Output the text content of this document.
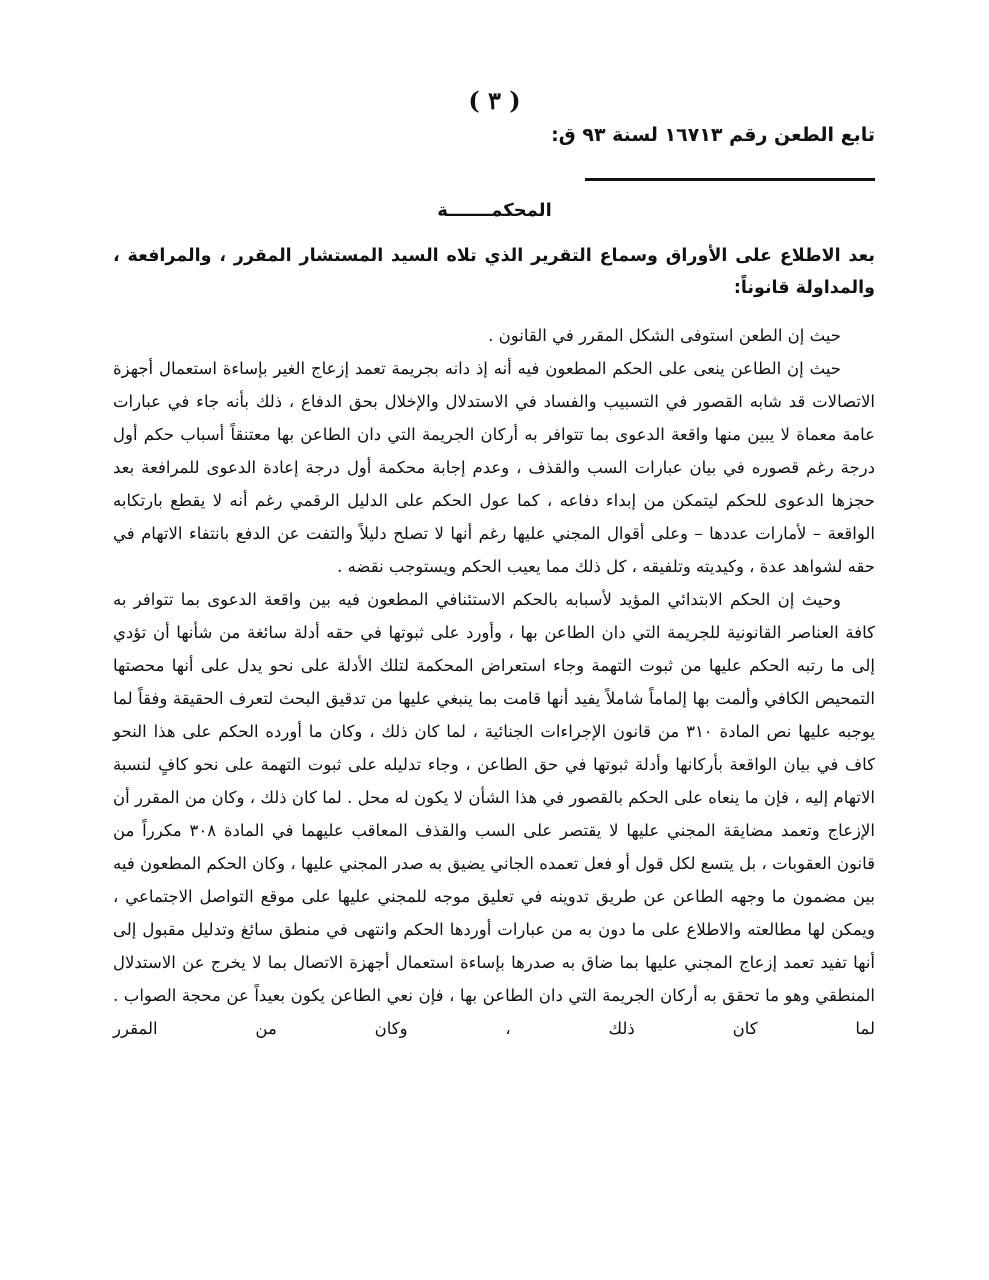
( ٣ )
تابع الطعن رقم ١٦٧١٣ لسنة ٩٣ ق:
المحكمـــــــة
بعد الاطلاع على الأوراق وسماع التقرير الذي تلاه السيد المستشار المقرر ، والمرافعة ، والمداولة قانوناً:

حيث إن الطعن استوفى الشكل المقرر في القانون .

حيث إن الطاعن ينعى على الحكم المطعون فيه أنه إذ دانه بجريمة تعمد إزعاج الغير بإساءة استعمال أجهزة الاتصالات قد شابه القصور في التسبيب والفساد في الاستدلال والإخلال بحق الدفاع ، ذلك بأنه جاء في عبارات عامة معماة لا يبين منها واقعة الدعوى بما تتوافر به أركان الجريمة التي دان الطاعن بها معتنقاً أسباب حكم أول درجة رغم قصوره في بيان عبارات السب والقذف ، وعدم إجابة محكمة أول درجة إعادة الدعوى للمرافعة بعد حجزها الدعوى للحكم ليتمكن من إبداء دفاعه ، كما عول الحكم على الدليل الرقمي رغم أنه لا يقطع بارتكابه الواقعة – لأمارات عددها – وعلى أقوال المجني عليها رغم أنها لا تصلح دليلاً والتفت عن الدفع بانتفاء الاتهام في حقه لشواهد عدة ، وكيديته وتلفيقه ، كل ذلك مما يعيب الحكم ويستوجب نقضه .

وحيث إن الحكم الابتدائي المؤيد لأسبابه بالحكم الاستئنافي المطعون فيه بين واقعة الدعوى بما تتوافر به كافة العناصر القانونية للجريمة التي دان الطاعن بها ، وأورد على ثبوتها في حقه أدلة سائغة من شأنها أن تؤدي إلى ما رتبه الحكم عليها من ثبوت التهمة وجاء استعراض المحكمة لتلك الأدلة على نحو يدل على أنها محصتها التمحيص الكافي وألمت بها إلماماً شاملاً يفيد أنها قامت بما ينبغي عليها من تدقيق البحث لتعرف الحقيقة وفقاً لما يوجبه عليها نص المادة ٣١٠ من قانون الإجراءات الجنائية ، لما كان ذلك ، وكان ما أورده الحكم على هذا النحو كاف في بيان الواقعة بأركانها وأدلة ثبوتها في حق الطاعن ، وجاء تدليله على ثبوت التهمة على نحو كافٍ لنسبة الاتهام إليه ، فإن ما ينعاه على الحكم بالقصور في هذا الشأن لا يكون له محل . لما كان ذلك ، وكان من المقرر أن الإزعاج وتعمد مضايقة المجني عليها لا يقتصر على السب والقذف المعاقب عليهما في المادة ٣٠٨ مكرراً من قانون العقوبات ، بل يتسع لكل قول أو فعل تعمده الجاني يضيق به صدر المجني عليها ، وكان الحكم المطعون فيه بين مضمون ما وجهه الطاعن عن طريق تدوينه في تعليق موجه للمجني عليها على موقع التواصل الاجتماعي ، ويمكن لها مطالعته والاطلاع على ما دون به من عبارات أوردها الحكم وانتهى في منطق سائغ وتدليل مقبول إلى أنها تفيد تعمد إزعاج المجني عليها بما ضاق به صدرها بإساءة استعمال أجهزة الاتصال بما لا يخرج عن الاستدلال المنطقي وهو ما تحقق به أركان الجريمة التي دان الطاعن بها ، فإن نعي الطاعن يكون بعيداً عن محجة الصواب . لما كان ذلك ، وكان من المقرر
